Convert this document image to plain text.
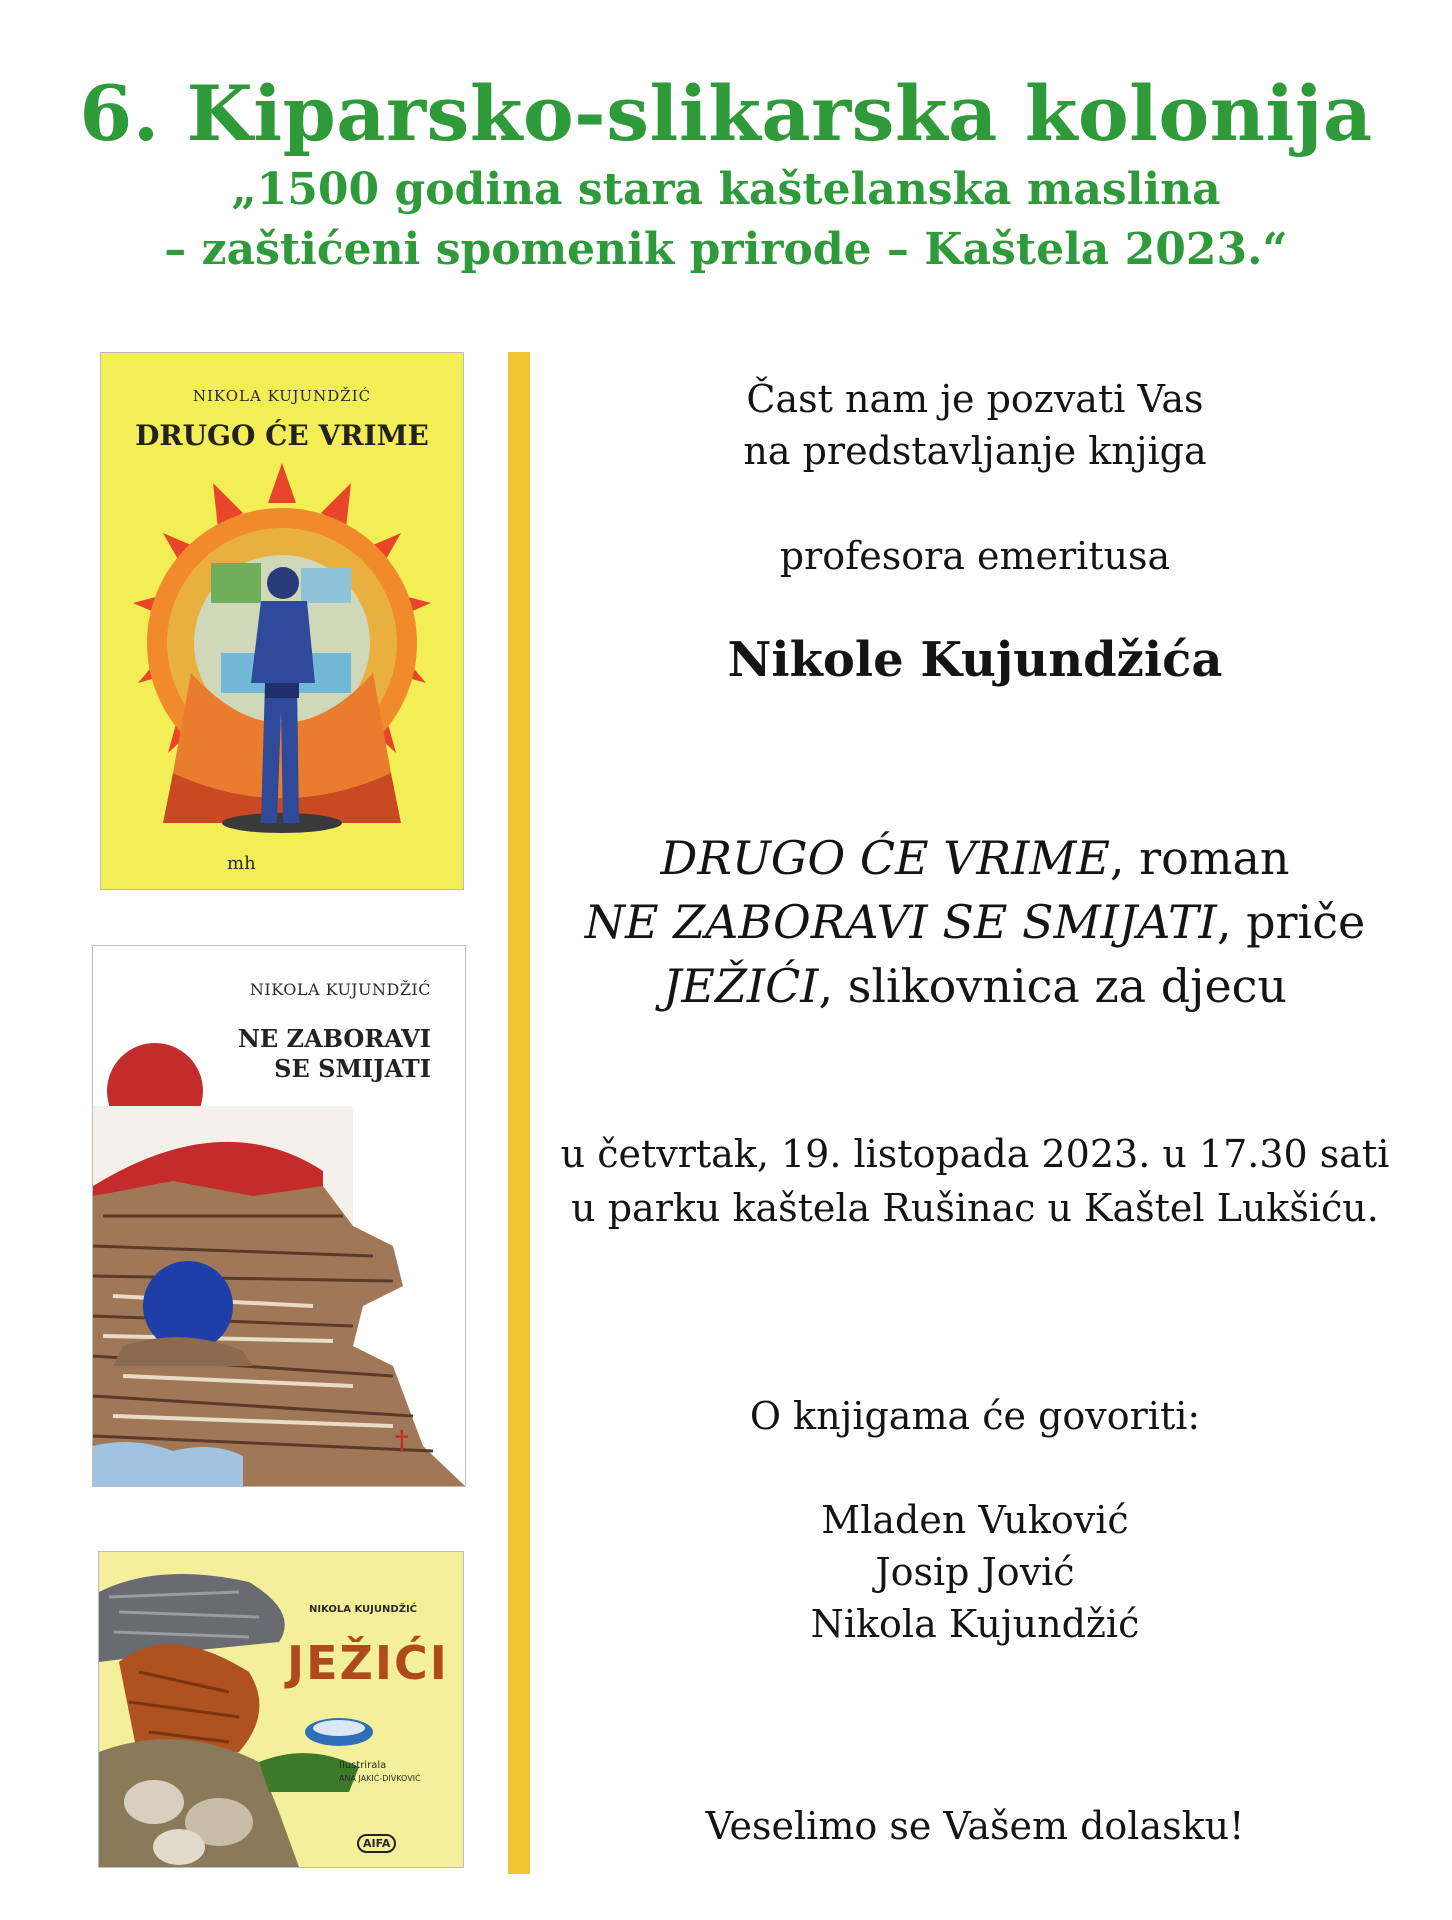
6. Kiparsko-slikarska kolonija
„1500 godina stara kaštelanska maslina
– zaštićeni spomenik prirode – Kaštela 2023.“
NIKOLA KUJUNDŽIĆ
DRUGO ĆE VRIME
mh
NIKOLA KUJUNDŽIĆ
NE ZABORAVI
SE SMIJATI
†
NIKOLA KUJUNDŽIĆ
JEŽIĆI
Ilustrirala
ANA JAKIĆ-DIVKOVIĆ
AIFA
Čast nam je pozvati Vas
na predstavljanje knjiga
profesora emeritusa
Nikole Kujundžića
DRUGO ĆE VRIME, roman
NE ZABORAVI SE SMIJATI, priče
JEŽIĆI, slikovnica za djecu
u četvrtak, 19. listopada 2023. u 17.30 sati
u parku kaštela Rušinac u Kaštel Lukšiću.
O knjigama će govoriti:
Mladen Vuković
Josip Jović
Nikola Kujundžić
Veselimo se Vašem dolasku!
